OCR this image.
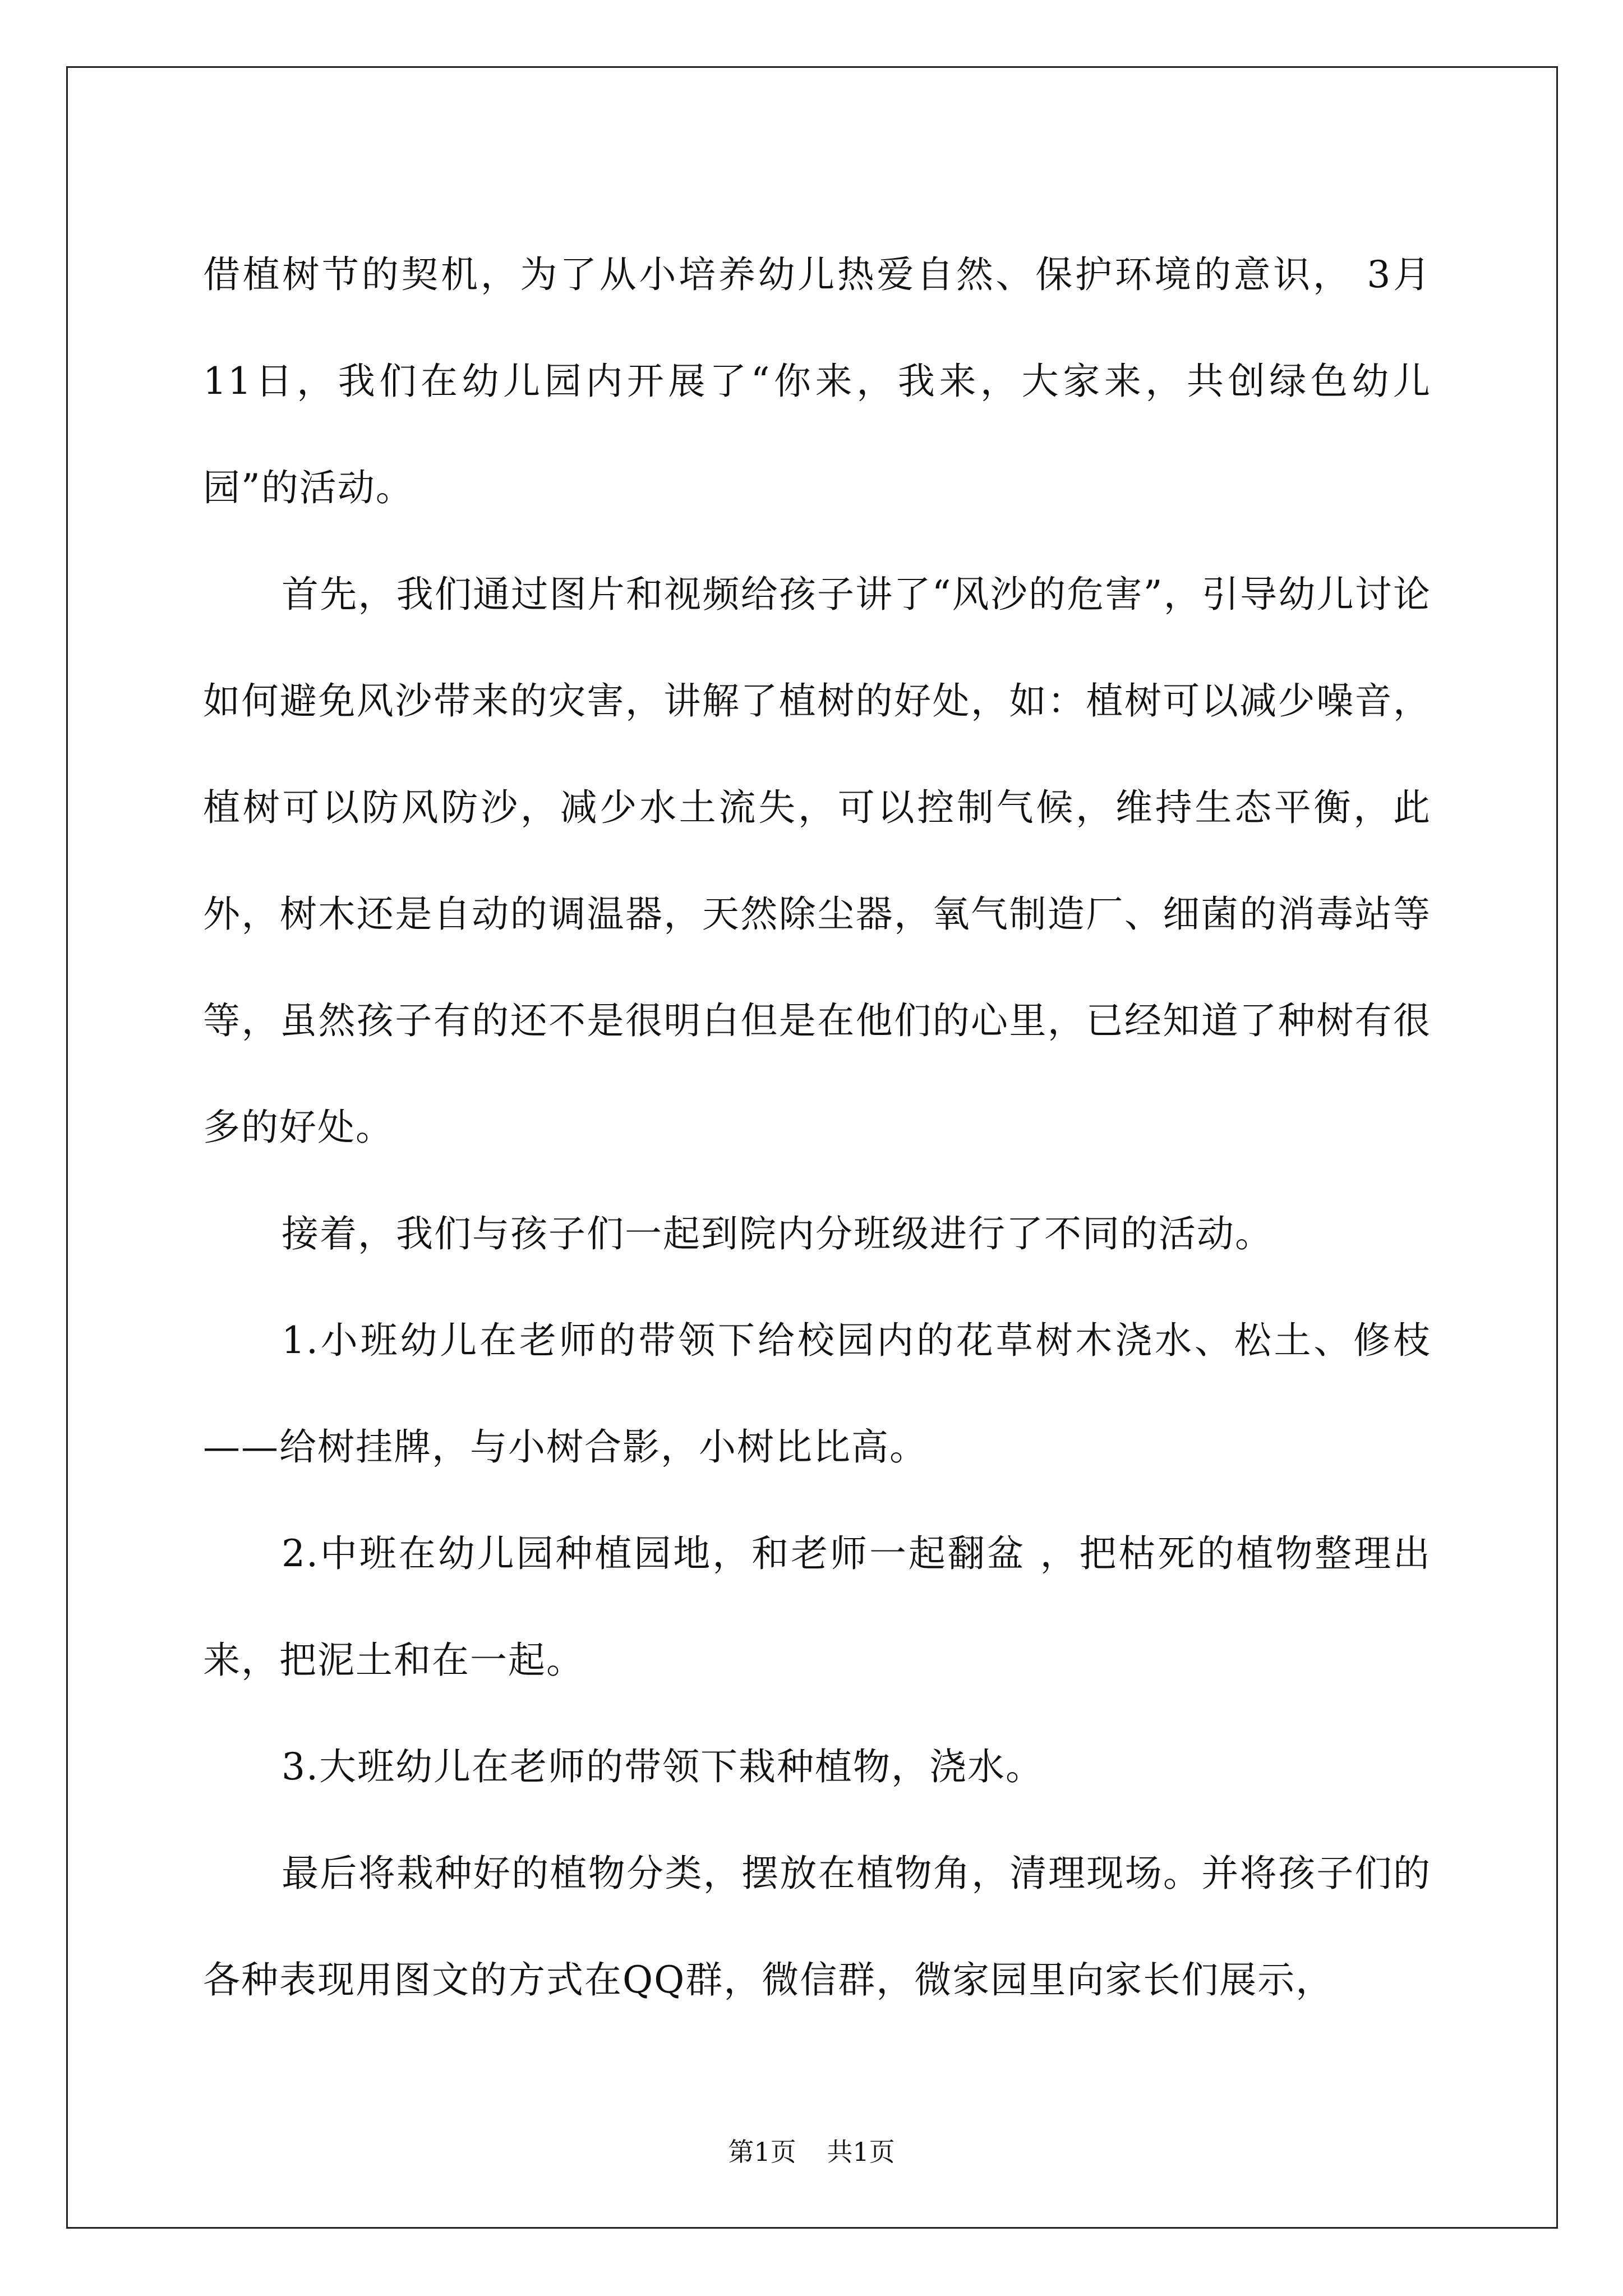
借植树节的契机，为了从小培养幼儿热爱自然、保护环境的意识， 3月11日，我们在幼儿园内开展了“你来，我来，大家来，共创绿色幼儿园”的活动。

首先，我们通过图片和视频给孩子讲了“风沙的危害”，引导幼儿讨论如何避免风沙带来的灾害，讲解了植树的好处，如：植树可以减少噪音，植树可以防风防沙，减少水土流失，可以控制气候，维持生态平衡，此外，树木还是自动的调温器，天然除尘器，氧气制造厂、细菌的消毒站等等，虽然孩子有的还不是很明白但是在他们的心里，已经知道了种树有很多的好处。

接着，我们与孩子们一起到院内分班级进行了不同的活动。

1.小班幼儿在老师的带领下给校园内的花草树木浇水、松土、修枝——给树挂牌，与小树合影，小树比比高。

2.中班在幼儿园种植园地，和老师一起翻盆 ，把枯死的植物整理出来，把泥土和在一起。

3.大班幼儿在老师的带领下栽种植物，浇水。

最后将栽种好的植物分类，摆放在植物角，清理现场。并将孩子们的各种表现用图文的方式在QQ群，微信群，微家园里向家长们展示，

第1页 共1页
